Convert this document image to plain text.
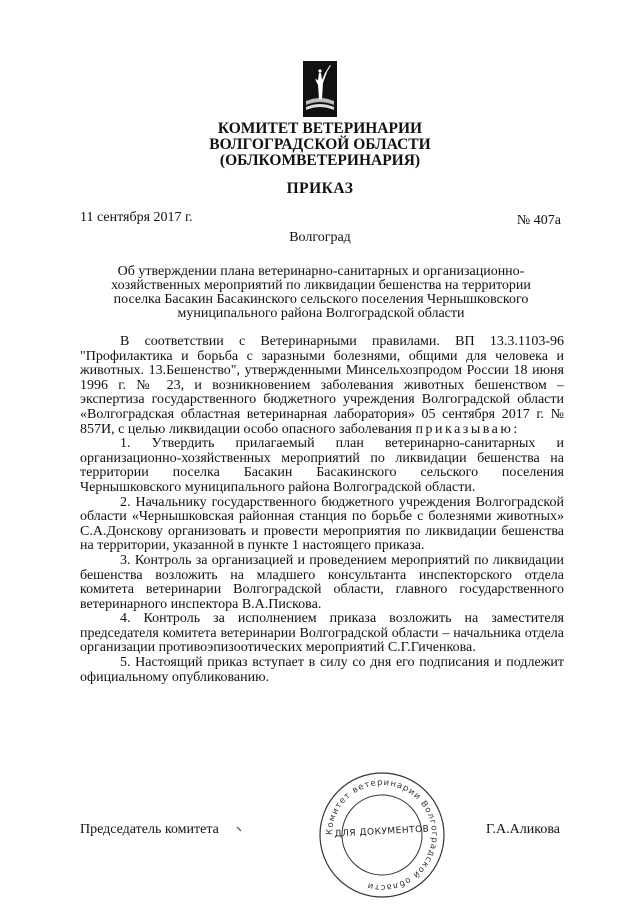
КОМИТЕТ ВЕТЕРИНАРИИ
ВОЛГОГРАДСКОЙ ОБЛАСТИ
(ОБЛКОМВЕТЕРИНАРИЯ)
ПРИКАЗ
11 сентября 2017 г.	№ 407а
Волгоград
Об утверждении плана ветеринарно-санитарных и организационно-хозяйственных мероприятий по ликвидации бешенства на территории поселка Басакин Басакинского сельского поселения Чернышковского муниципального района Волгоградской области

В соответствии с Ветеринарными правилами. ВП 13.3.1103-96 "Профилактика и борьба с заразными болезнями, общими для человека и животных. 13.Бешенство", утвержденными Минсельхозпродом России 18 июня 1996 г. № 23, и возникновением заболевания животных бешенством – экспертиза государственного бюджетного учреждения Волгоградской области «Волгоградская областная ветеринарная лаборатория» 05 сентября 2017 г. № 857И, с целью ликвидации особо опасного заболевания приказываю:

1. Утвердить прилагаемый план ветеринарно-санитарных и организационно-хозяйственных мероприятий по ликвидации бешенства на территории поселка Басакин Басакинского сельского поселения Чернышковского муниципального района Волгоградской области.

2. Начальнику государственного бюджетного учреждения Волгоградской области «Чернышковская районная станция по борьбе с болезнями животных» С.А.Донскову организовать и провести мероприятия по ликвидации бешенства на территории, указанной в пункте 1 настоящего приказа.

3. Контроль за организацией и проведением мероприятий по ликвидации бешенства возложить на младшего консультанта инспекторского отдела комитета ветеринарии Волгоградской области, главного государственного ветеринарного инспектора В.А.Пискова.

4. Контроль за исполнением приказа возложить на заместителя председателя комитета ветеринарии Волгоградской области – начальника отдела организации противоэпизоотических мероприятий С.Г.Гиченкова.

5. Настоящий приказ вступает в силу со дня его подписания и подлежит официальному опубликованию.

Председатель комитета	Г.А.Аликова
Комитет ветеринарии Волгоградской области
ДЛЯ ДОКУМЕНТОВ
